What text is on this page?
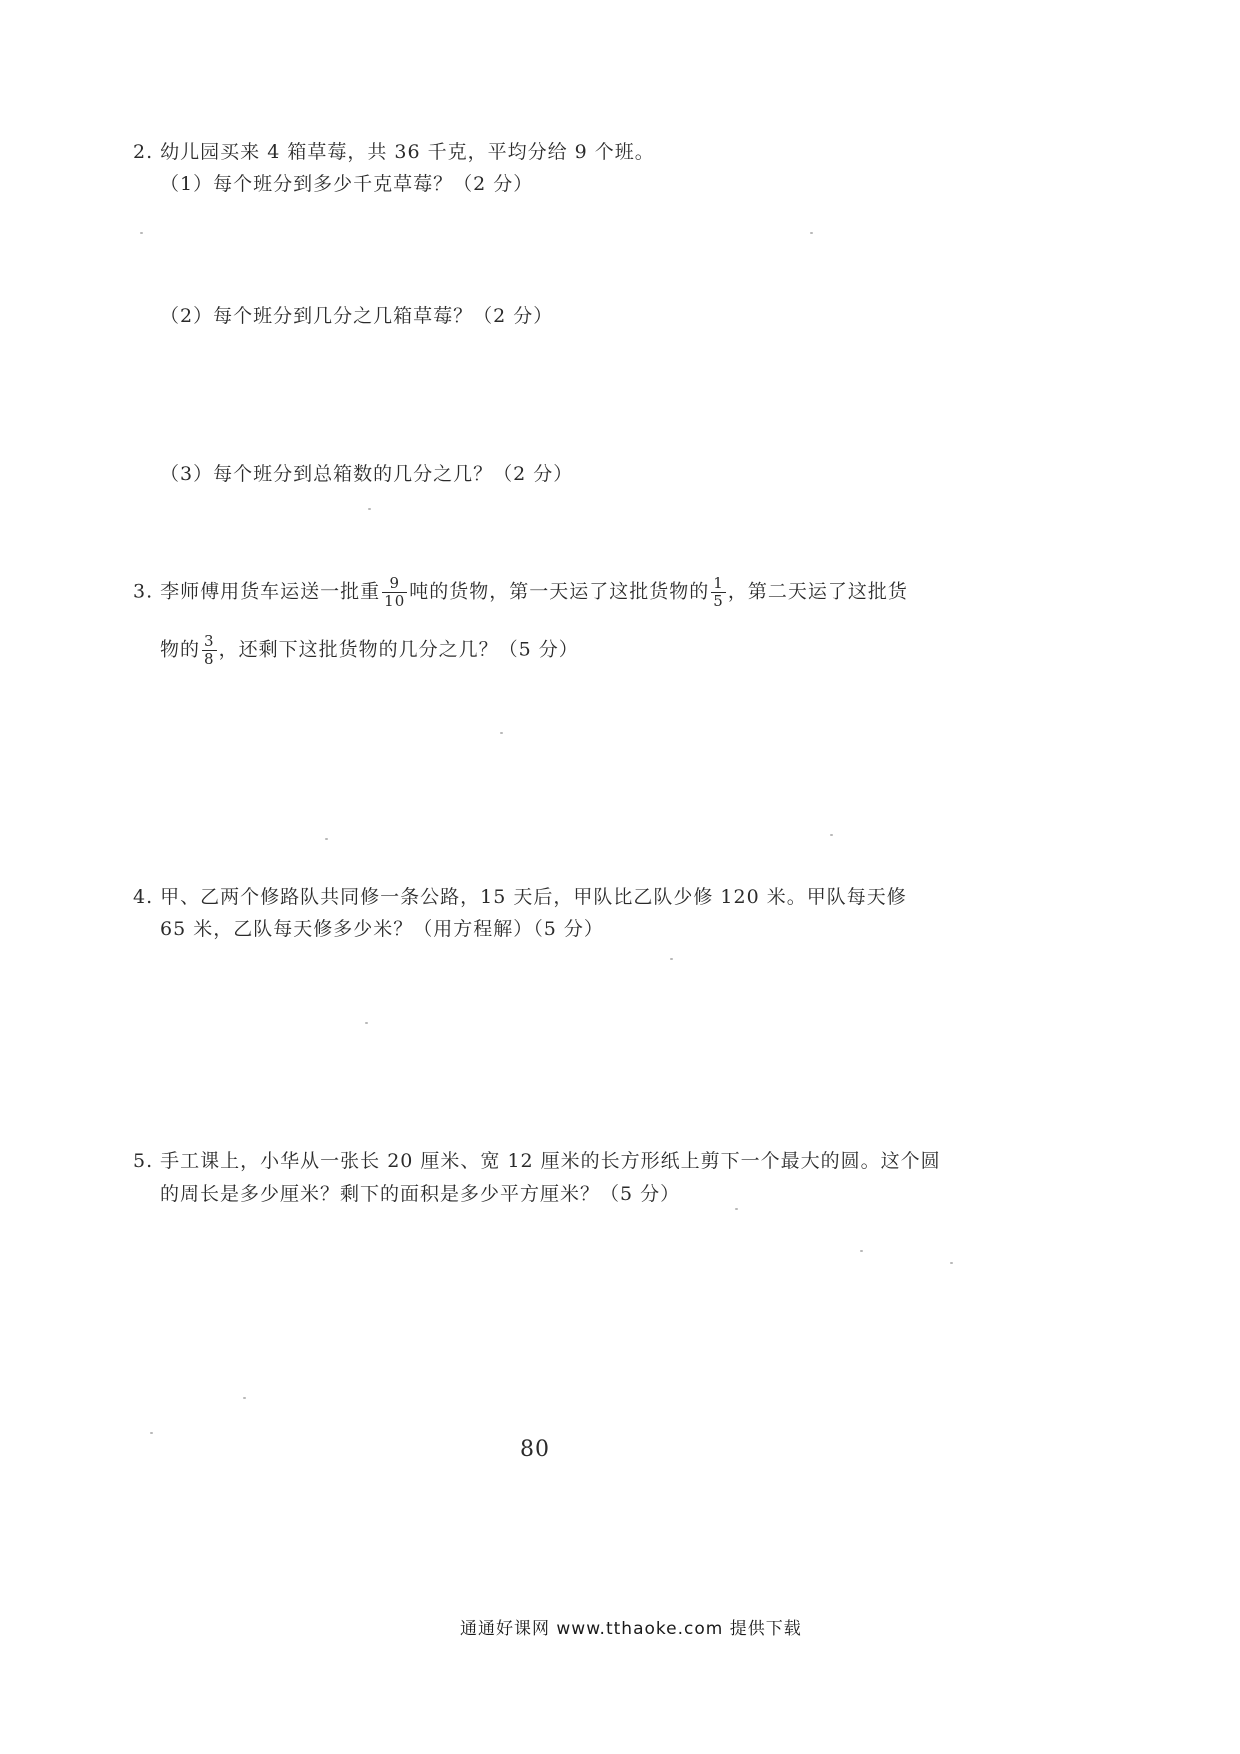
2. 幼儿园买来 4 箱草莓，共 36 千克，平均分给 9 个班。
（1）每个班分到多少千克草莓？（2 分）
（2）每个班分到几分之几箱草莓？（2 分）
（3）每个班分到总箱数的几分之几？（2 分）
3. 李师傅用货车运送一批重 $\frac{9}{10}$ 吨的货物，第一天运了这批货物的 $\frac{1}{5}$ ，第二天运了这批货
物的 $\frac{3}{8}$ ，还剩下这批货物的几分之几？（5 分）
4. 甲、乙两个修路队共同修一条公路，15 天后，甲队比乙队少修 120 米。甲队每天修
65 米，乙队每天修多少米？（用方程解）（5 分）
5. 手工课上，小华从一张长 20 厘米、宽 12 厘米的长方形纸上剪下一个最大的圆。这个圆
的周长是多少厘米？剩下的面积是多少平方厘米？（5 分）
80
通通好课网 www.tthaoke.com 提供下载
